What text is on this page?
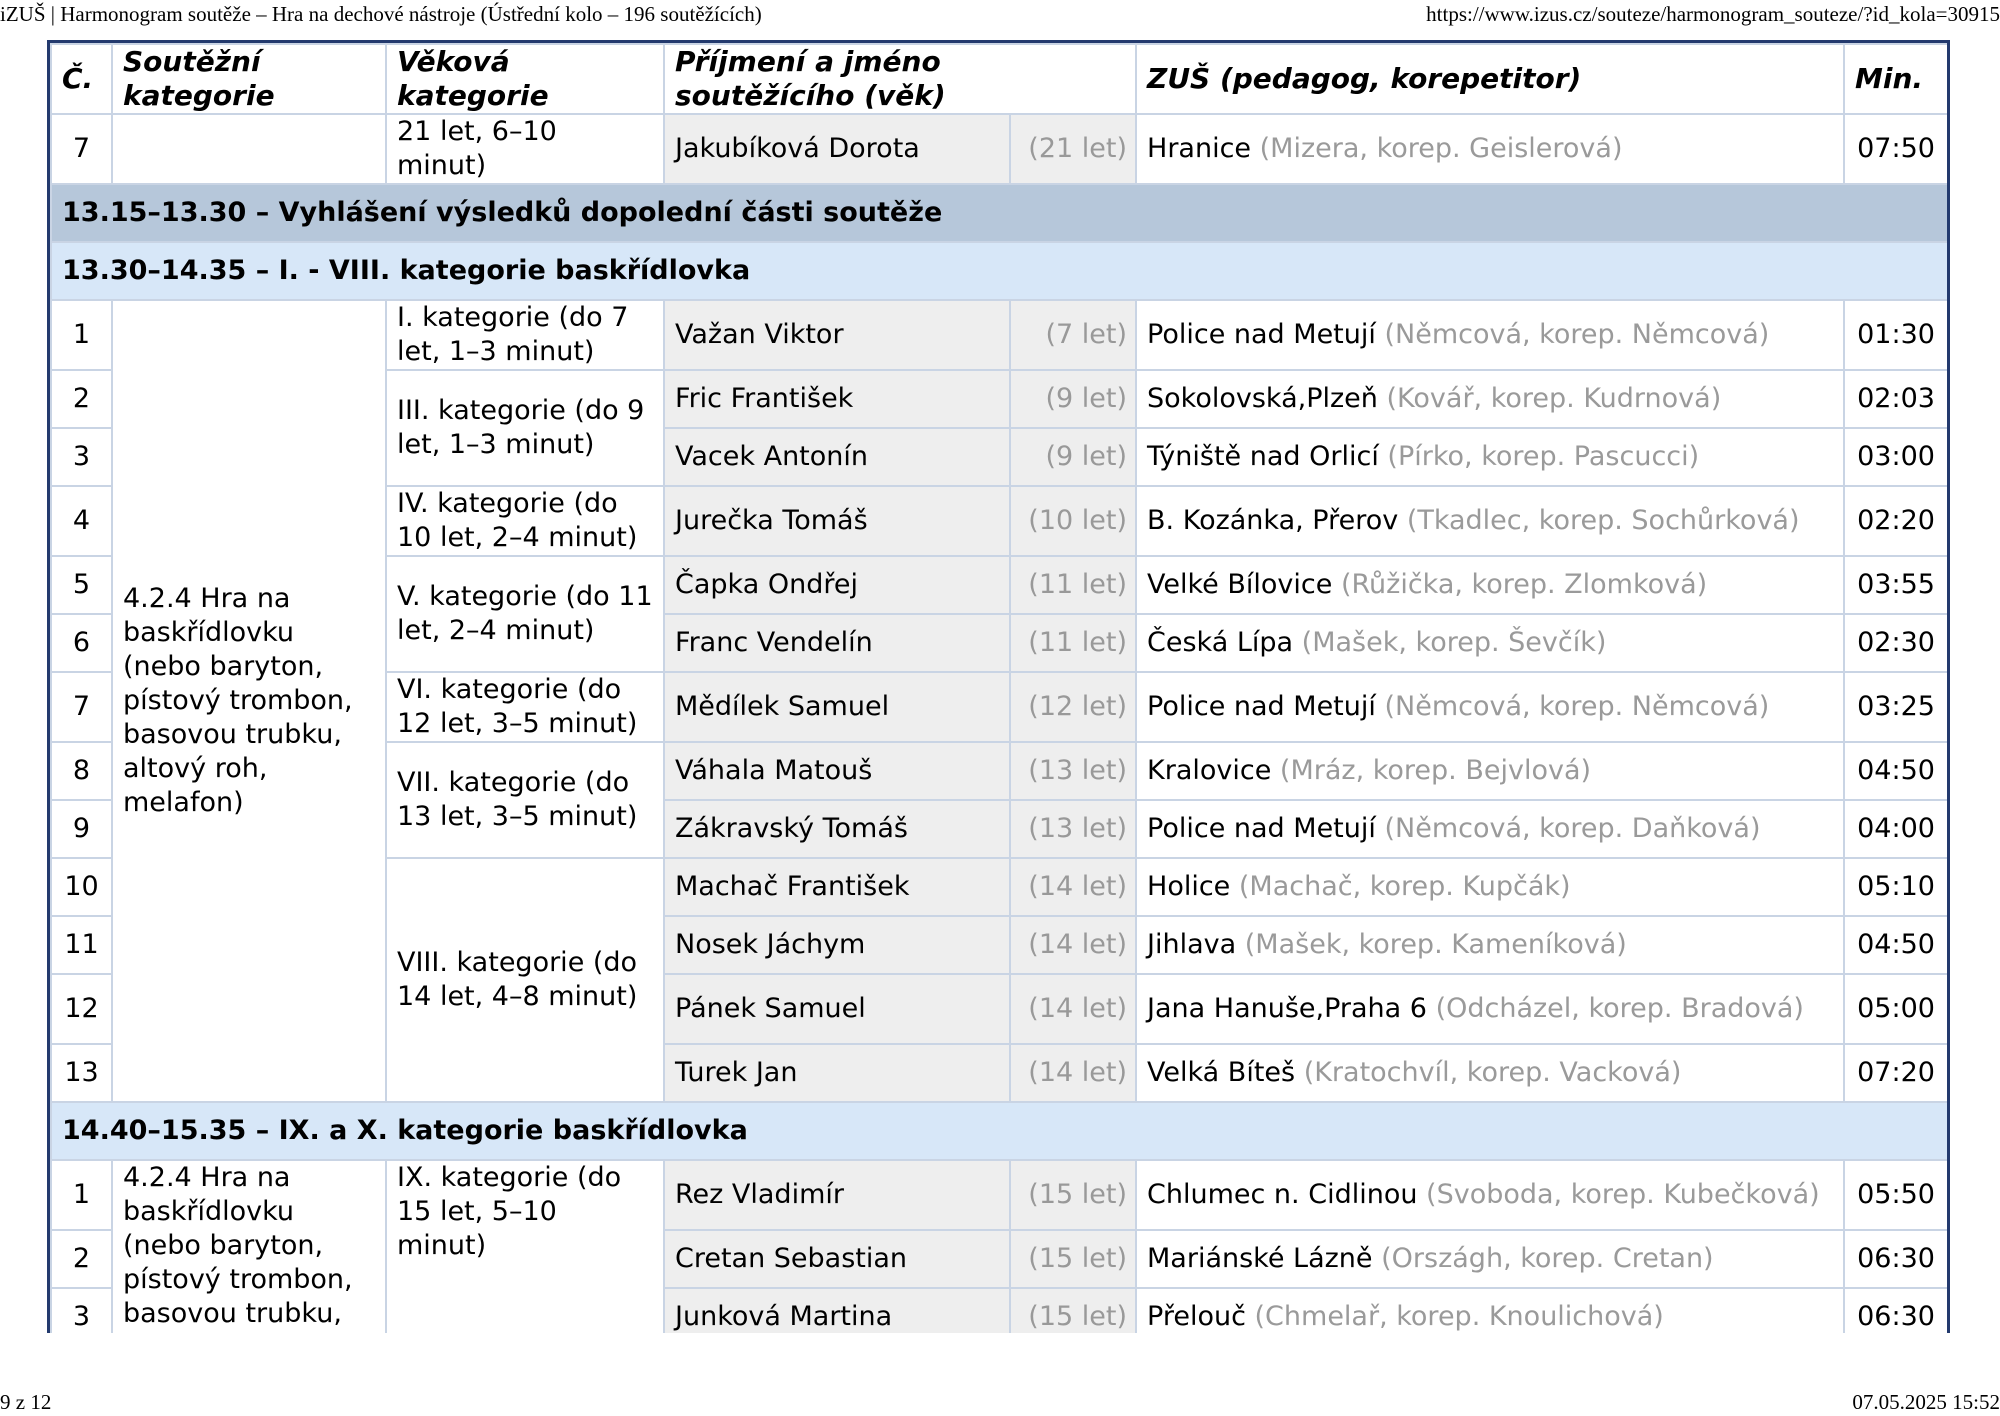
iZUŠ | Harmonogram soutěže – Hra na dechové nástroje (Ústřední kolo – 196 soutěžících)	https://www.izus.cz/souteze/harmonogram_souteze/?id_kola=30915
Č.	Soutěžní kategorie	Věková kategorie	Příjmení a jméno soutěžícího (věk)		ZUŠ (pedagog, korepetitor)	Min.
7		21 let, 6–10 minut)	Jakubíková Dorota	(21 let)	Hranice (Mizera, korep. Geislerová)	07:50
13.15–13.30 – Vyhlášení výsledků dopolední části soutěže						
13.30–14.35 – I. - VIII. kategorie baskřídlovka						
1	4.2.4 Hra na baskřídlovku (nebo baryton, pístový trombon, basovou trubku, altový roh, melafon)	I. kategorie (do 7 let, 1–3 minut)	Važan Viktor	(7 let)	Police nad Metují (Němcová, korep. Němcová)	01:30
2		III. kategorie (do 9 let, 1–3 minut)	Fric František	(9 let)	Sokolovská,Plzeň (Kovář, korep. Kudrnová)	02:03
3			Vacek Antonín	(9 let)	Týniště nad Orlicí (Pírko, korep. Pascucci)	03:00
4		IV. kategorie (do 10 let, 2–4 minut)	Jurečka Tomáš	(10 let)	B. Kozánka, Přerov (Tkadlec, korep. Sochůrková)	02:20
5		V. kategorie (do 11 let, 2–4 minut)	Čapka Ondřej	(11 let)	Velké Bílovice (Růžička, korep. Zlomková)	03:55
6			Franc Vendelín	(11 let)	Česká Lípa (Mašek, korep. Ševčík)	02:30
7		VI. kategorie (do 12 let, 3–5 minut)	Mědílek Samuel	(12 let)	Police nad Metují (Němcová, korep. Němcová)	03:25
8		VII. kategorie (do 13 let, 3–5 minut)	Váhala Matouš	(13 let)	Kralovice (Mráz, korep. Bejvlová)	04:50
9			Zákravský Tomáš	(13 let)	Police nad Metují (Němcová, korep. Daňková)	04:00
10		VIII. kategorie (do 14 let, 4–8 minut)	Machač František	(14 let)	Holice (Machač, korep. Kupčák)	05:10
11			Nosek Jáchym	(14 let)	Jihlava (Mašek, korep. Kameníková)	04:50
12			Pánek Samuel	(14 let)	Jana Hanuše,Praha 6 (Odcházel, korep. Bradová)	05:00
13			Turek Jan	(14 let)	Velká Bíteš (Kratochvíl, korep. Vacková)	07:20
14.40–15.35 – IX. a X. kategorie baskřídlovka						
1	4.2.4 Hra na baskřídlovku (nebo baryton, pístový trombon, basovou trubku,	IX. kategorie (do 15 let, 5–10 minut)	Rez Vladimír	(15 let)	Chlumec n. Cidlinou (Svoboda, korep. Kubečková)	05:50
2			Cretan Sebastian	(15 let)	Mariánské Lázně (Országh, korep. Cretan)	06:30
3			Junková Martina	(15 let)	Přelouč (Chmelař, korep. Knoulichová)	06:30
9 z 12	07.05.2025 15:52
